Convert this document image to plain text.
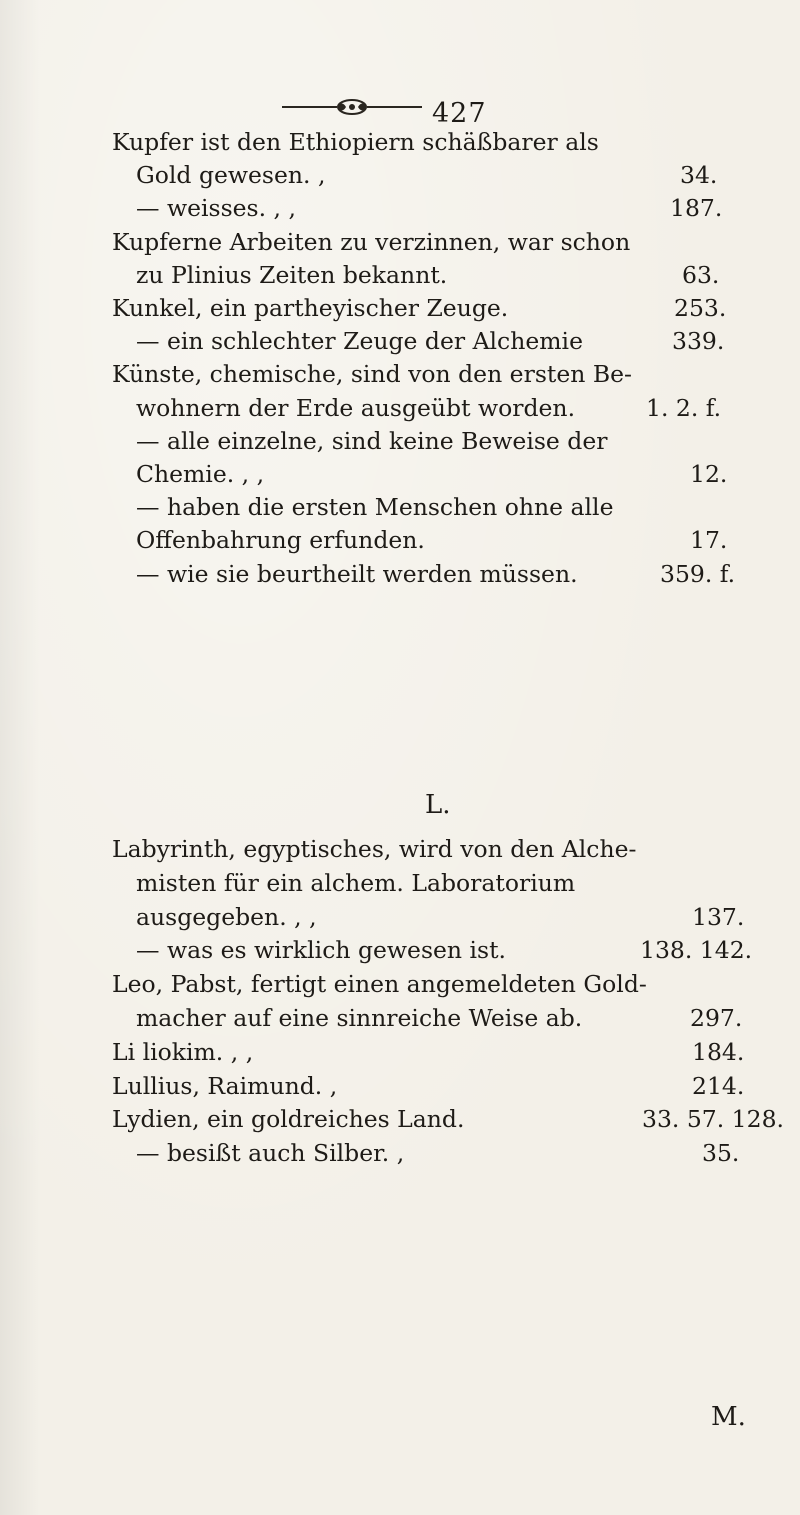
427
Kupfer ist den Ethiopiern schäßbarer als
Gold gewesen. ,	34.
— weisses. , ,	187.
Kupferne Arbeiten zu verzinnen, war schon
zu Plinius Zeiten bekannt.	63.
Kunkel, ein partheyischer Zeuge.	253.
— ein schlechter Zeuge der Alchemie	339.
Künste, chemische, sind von den ersten Be-
wohnern der Erde ausgeübt worden.	1. 2. f.
— alle einzelne, sind keine Beweise der
Chemie. , ,	12.
— haben die ersten Menschen ohne alle
Offenbahrung erfunden.	17.
— wie sie beurtheilt werden müssen.	359. f.
L.
Labyrinth, egyptisches, wird von den Alche-
misten für ein alchem. Laboratorium
ausgegeben. , ,	137.
— was es wirklich gewesen ist.	138. 142.
Leo, Pabst, fertigt einen angemeldeten Gold-
macher auf eine sinnreiche Weise ab.	297.
Li liokim. , ,	184.
Lullius, Raimund. ,	214.
Lydien, ein goldreiches Land.	33. 57. 128.
— besißt auch Silber. ,	35.
M.
